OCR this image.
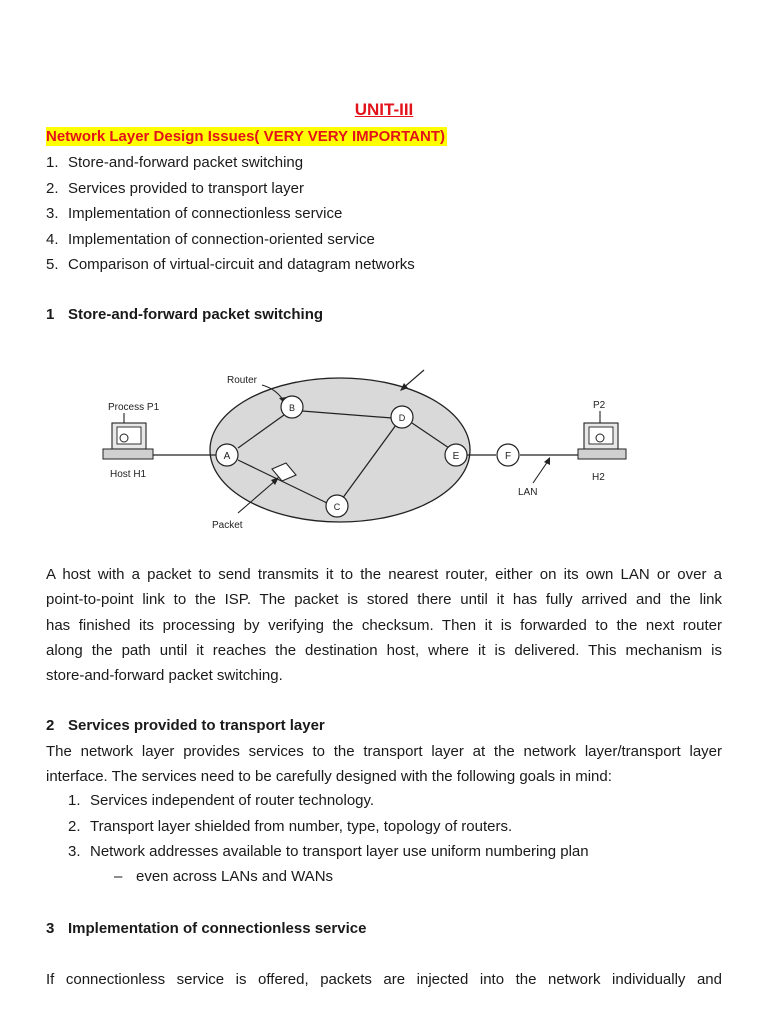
UNIT-III
Network Layer Design Issues( VERY VERY IMPORTANT)
1. Store-and-forward packet switching
2. Services provided to transport layer
3. Implementation of connectionless service
4. Implementation of connection-oriented service
5. Comparison of virtual-circuit and datagram networks
1 Store-and-forward packet switching
Router
A
B
C
D
E	F
Packet
LAN
Process P1
Host H1
P2
H2
A host with a packet to send transmits it to the nearest router, either on its own LAN or over a
point-to-point link to the ISP. The packet is stored there until it has fully arrived and the link
has finished its processing by verifying the checksum. Then it is forwarded to the next router
along the path until it reaches the destination host, where it is delivered. This mechanism is
store-and-forward packet switching.
2 Services provided to transport layer
The network layer provides services to the transport layer at the network layer/transport layer
interface. The services need to be carefully designed with the following goals in mind:
1. Services independent of router technology.
2. Transport layer shielded from number, type, topology of routers.
3. Network addresses available to transport layer use uniform numbering plan
– even across LANs and WANs
3 Implementation of connectionless service
If connectionless service is offered, packets are injected into the network individually and
